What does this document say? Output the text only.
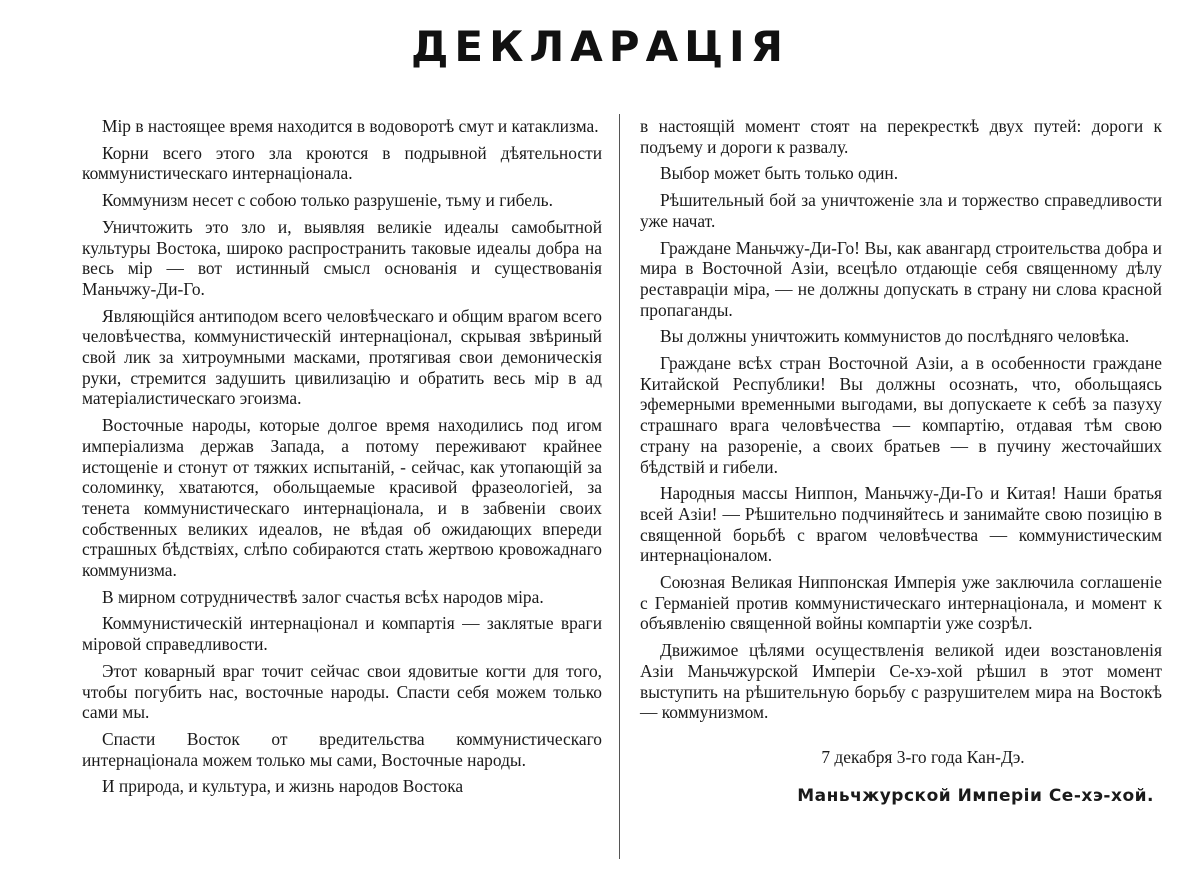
ДЕКЛАРАЦІЯ

Мір в настоящее время находится в водоворотѣ смут и катаклизма.

Корни всего этого зла кроются в подрывной дѣятельности коммунистическаго интернаціонала.

Коммунизм несет с собою только разрушеніе, тьму и гибель.

Уничтожить это зло и, выявляя великіе идеалы самобытной культуры Востока, широко распространить таковые идеалы добра на весь мір — вот истинный смысл основанія и существованія Маньчжу-Ди-Го.

Являющійся антиподом всего человѣческаго и общим врагом всего человѣчества, коммунистическій интернаціонал, скрывая звѣриный свой лик за хитроумными масками, протягивая свои демоническія руки, стремится задушить цивилизацію и обратить весь мір в ад матеріалистическаго эгоизма.

Восточные народы, которые долгое время находились под игом имперіализма держав Запада, а потому переживают крайнее истощеніе и стонут от тяжких испытаній, - сейчас, как утопающій за соломинку, хватаются, обольщаемые красивой фразеологіей, за тенета коммунистическаго интернаціонала, и в забвеніи своих собственных великих идеалов, не вѣдая об ожидающих впереди страшных бѣдствіях, слѣпо собираются стать жертвою кровожаднаго коммунизма.

В мирном сотрудничествѣ залог счастья всѣх народов міра.

Коммунистическій интернаціонал и компартія — заклятые враги міровой справедливости.

Этот коварный враг точит сейчас свои ядовитые когти для того, чтобы погубить нас, восточные народы. Спасти себя можем только сами мы.

Спасти Восток от вредительства коммунистическаго интернаціонала можем только мы сами, Восточные народы.

И природа, и культура, и жизнь народов Востока

в настоящій момент стоят на перекресткѣ двух путей: дороги к подъему и дороги к развалу.

Выбор может быть только один.

Рѣшительный бой за уничтоженіе зла и торжество справедливости уже начат.

Граждане Маньчжу-Ди-Го! Вы, как авангард строительства добра и мира в Восточной Азіи, всецѣло отдающіе себя священному дѣлу реставраціи міра, — не должны допускать в страну ни слова красной пропаганды.

Вы должны уничтожить коммунистов до послѣдняго человѣка.

Граждане всѣх стран Восточной Азіи, а в особенности граждане Китайской Республики! Вы должны осознать, что, обольщаясь эфемерными временными выгодами, вы допускаете к себѣ за пазуху страшнаго врага человѣчества — компартію, отдавая тѣм свою страну на разореніе, а своих братьев — в пучину жесточайших бѣдствій и гибели.

Народныя массы Ниппон, Маньчжу-Ди-Го и Китая! Наши братья всей Азіи! — Рѣшительно подчиняйтесь и занимайте свою позицію в священной борьбѣ с врагом человѣчества — коммунистическим интернаціоналом.

Союзная Великая Ниппонская Имперія уже заключила соглашеніе с Германіей против коммунистическаго интернаціонала, и момент к объявленію священной войны компартіи уже созрѣл.

Движимое цѣлями осуществленія великой идеи возстановленія Азіи Маньчжурской Имперіи Се-хэ-хой рѣшил в этот момент выступить на рѣшительную борьбу с разрушителем мира на Востокѣ — коммунизмом.

7 декабря 3-го года Кан-Дэ.
Маньчжурской Имперіи Се-хэ-хой.
